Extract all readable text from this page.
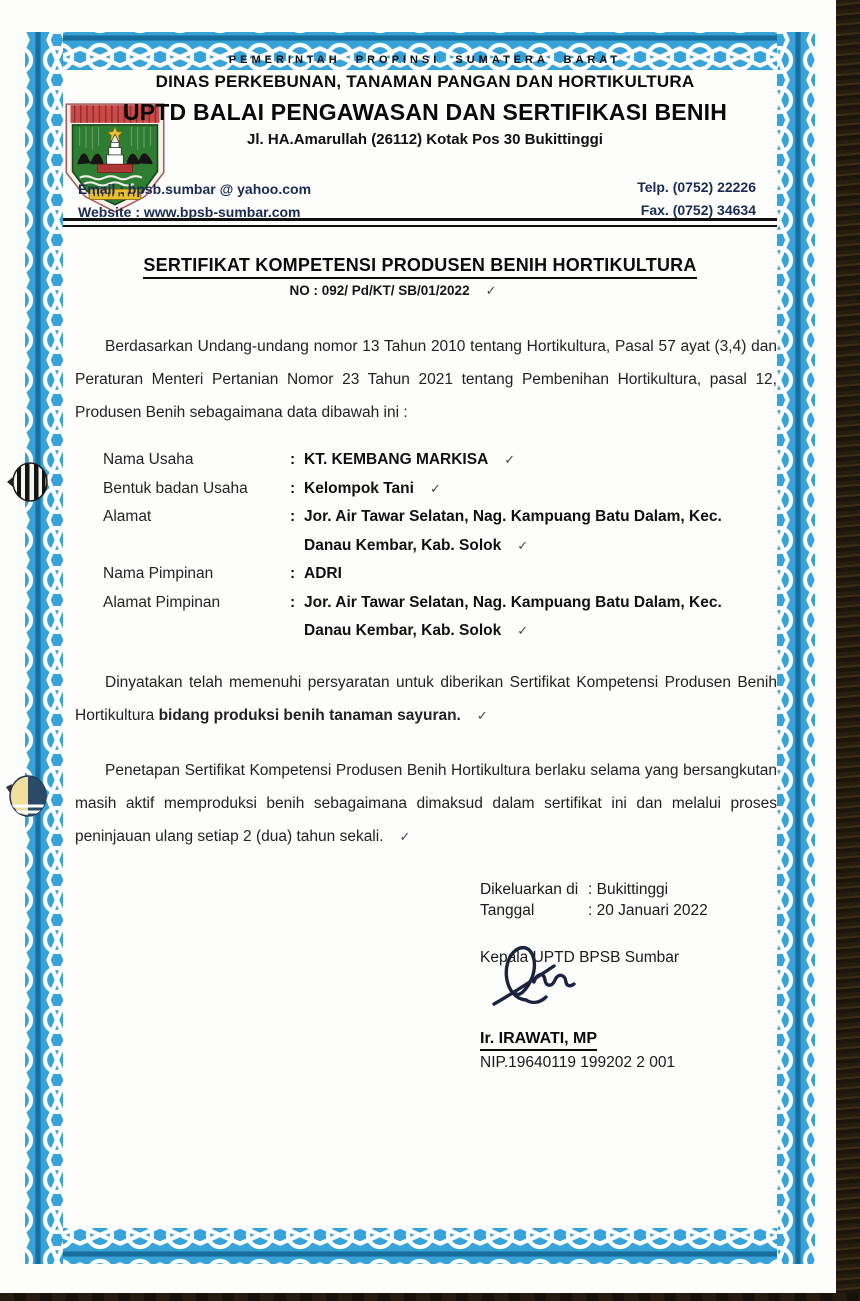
PEMERINTAH PROPINSI SUMATERA BARAT
DINAS PERKEBUNAN, TANAMAN PANGAN DAN HORTIKULTURA
UPTD BALAI PENGAWASAN DAN SERTIFIKASI BENIH
Jl. HA.Amarullah (26112) Kotak Pos 30 Bukittinggi
Email : bpsb.sumbar @ yahoo.com
Website : www.bpsb-sumbar.com
Telp. (0752) 22226
Fax. (0752) 34634
SERTIFIKAT KOMPETENSI PRODUSEN BENIH HORTIKULTURA
NO : 092/ Pd/KT/ SB/01/2022 ✓
Berdasarkan Undang-undang nomor 13 Tahun 2010 tentang Hortikultura, Pasal 57 ayat (3,4) dan Peraturan Menteri Pertanian Nomor 23 Tahun 2021 tentang Pembenihan Hortikultura, pasal 12, Produsen Benih sebagaimana data dibawah ini :
Nama Usaha	: KT. KEMBANG MARKISA ✓
Bentuk badan Usaha	: Kelompok Tani ✓
Alamat	: Jor. Air Tawar Selatan, Nag. Kampuang Batu Dalam, Kec. Danau Kembar, Kab. Solok ✓
Nama Pimpinan	: ADRI
Alamat Pimpinan	: Jor. Air Tawar Selatan, Nag. Kampuang Batu Dalam, Kec. Danau Kembar, Kab. Solok ✓
Dinyatakan telah memenuhi persyaratan untuk diberikan Sertifikat Kompetensi Produsen Benih Hortikultura bidang produksi benih tanaman sayuran. ✓
Penetapan Sertifikat Kompetensi Produsen Benih Hortikultura berlaku selama yang bersangkutan masih aktif memproduksi benih sebagaimana dimaksud dalam sertifikat ini dan melalui proses peninjauan ulang setiap 2 (dua) tahun sekali. ✓
Dikeluarkan di : Bukittinggi
Tanggal	: 20 Januari 2022
Kepala UPTD BPSB Sumbar
Ir. IRAWATI, MP
NIP.19640119 199202 2 001
